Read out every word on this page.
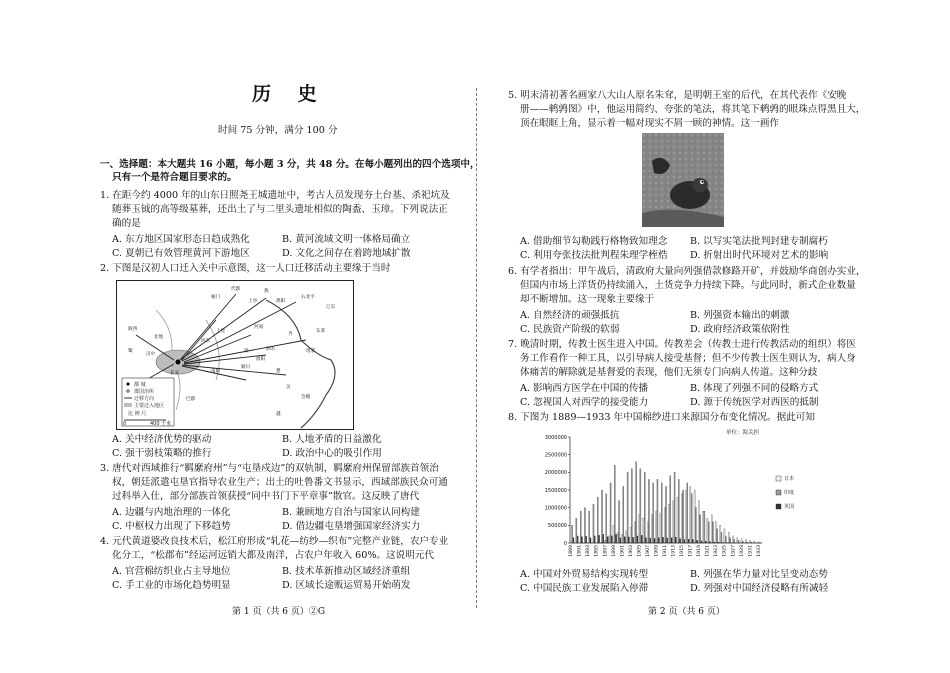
历 史
时间 75 分钟，满分 100 分
一、选择题：本大题共 16 小题，每小题 3 分，共 48 分。在每小题列出的四个选项中，
只有一个是符合题目要求的。
1. 在距今约 4000 年的山东日照尧王城遗址中，考古人员发现夯土台基、杀祀坑及
随葬玉钺的高等级墓葬，还出土了与二里头遗址相似的陶盉、玉璋。下列说法正
确的是
A. 东方地区国家形态日趋成熟化	B. 黄河流域文明一体格局确立
C. 夏朝已有效管理黄河下游地区	D. 文化之间存在着跨地域扩散
2. 下图是汉初人口迁入关中示意图，这一人口迁移活动主要缘于当时
都 城
郡国治所
迁移方向
主要迁入地区
比 例 尺
0	400 千米
燕
代郡
渔阳
右北平
辽东
雁门
上谷
上党
河东
颍川
河间
齐
东莱
琅邪
楚
泗水
梁
淮阳
南阳
会稽
长安
陇西
北地
蜀
汉中
巴郡
吴
越
A. 关中经济优势的驱动	B. 人地矛盾的日益激化
C. 强干弱枝策略的推行	D. 政治中心的吸引作用
3. 唐代对西域推行“羁縻府州”与“屯垦戍边”的双轨制，羁縻府州保留部族首领治
权，朝廷派遣屯垦官指导农业生产；出土的吐鲁番文书显示，西域部族民众可通
过科举入仕，部分部族首领获授“同中书门下平章事”散官。这反映了唐代
A. 边疆与内地治理的一体化	B. 兼顾地方自治与国家认同构建
C. 中枢权力出现了下移趋势	D. 借边疆屯垦增强国家经济实力
4. 元代黄道婆改良技术后，松江府形成“轧花—纺纱—织布”完整产业链，农户专业
化分工，“松郡布”经运河远销大都及南洋，占农户年收入 60%。这说明元代
A. 官营棉纺织业占主导地位	B. 技术革新推动区域经济重组
C. 手工业的市场化趋势明显	D. 区域长途贩运贸易开始萌发
第 1 页（共 6 页）②G
5. 明末清初著名画家八大山人原名朱耷，是明朝王室的后代，在其代表作《安晚
册——鹌鹑图》中，他运用简约、夸张的笔法，将其笔下鹌鹑的眼珠点得黑且大，
顶在眼眶上角，显示着一幅对现实不屑一顾的神情。这一画作
A. 借助细节勾勒践行格物致知理念 B. 以写实笔法批判封建专制腐朽
C. 利用夸张技法批判程朱理学桎梏 D. 折射出时代环境对艺术的影响
6. 有学者指出：甲午战后，清政府大量向列强借款修路开矿，并鼓励华商创办实业，
但国内市场上洋货仍持续涌入，土货竞争力持续下降。与此同时，新式企业数量
却不断增加。这一现象主要缘于
A. 自然经济的顽强抵抗	B. 列强资本输出的刺激
C. 民族资产阶级的软弱	D. 政府经济政策依附性
7. 晚清时期，传教士医生进入中国。传教差会（传教士进行传教活动的组织）将医
务工作看作一种工具，以引导病人接受基督；但不少传教士医生则认为，病人身
体痛苦的解除就是基督爱的表现，他们无须专门向病人传道。这种分歧
A. 影响西方医学在中国的传播	B. 体现了列强不同的侵略方式
C. 忽视国人对西学的接受能力	D. 源于传统医学对西医的抵制
8. 下图为 1889—1933 年中国棉纱进口来源国分布变化情况。据此可知
单位：海关担
3000000
2500000
2000000
1500000
1000000
500000
0
1889 1891 1893 1895 1897 1899 1901 1903 1905 1907 1909 1911 1913 1915 1917 1919 1921 1923 1925 1927 1929 1931 1933
日本
印度
英国
A. 中国对外贸易结构实现转型	B. 列强在华力量对比呈变动态势
C. 中国民族工业发展陷入停滞	D. 列强对中国经济侵略有所减轻
第 2 页（共 6 页）
